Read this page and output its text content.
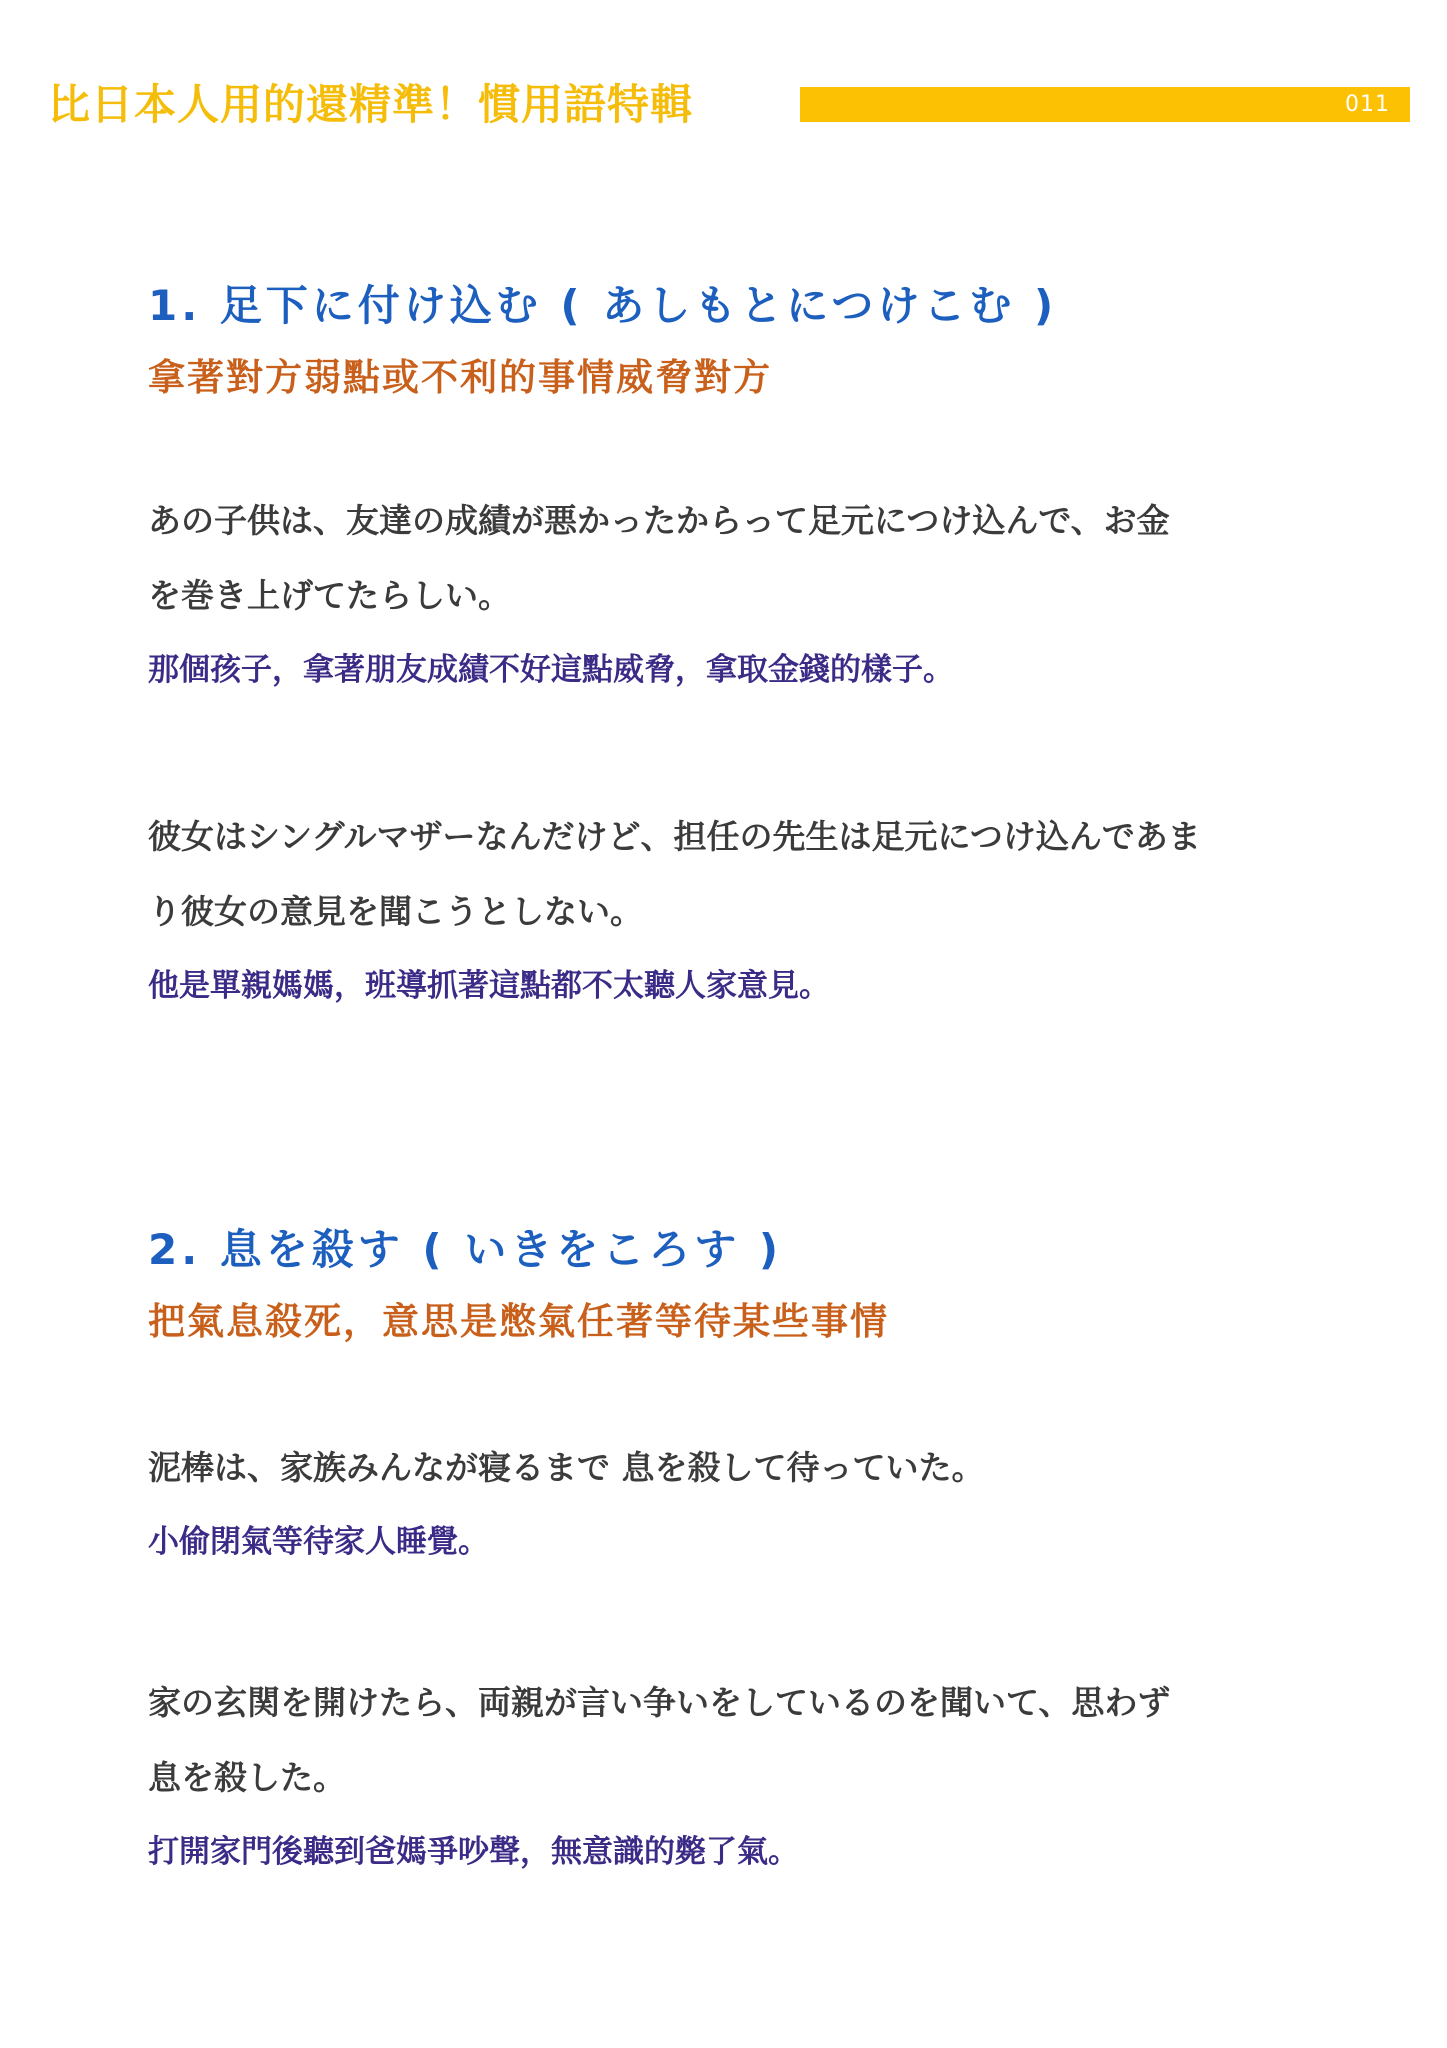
比日本人用的還精準！慣用語特輯	011
1. 足下に付け込む ( あしもとにつけこむ )
拿著對方弱點或不利的事情威脅對方
あの子供は、友達の成績が悪かったからって足元につけ込んで、お金
を巻き上げてたらしい。
那個孩子，拿著朋友成績不好這點威脅，拿取金錢的樣子。
彼女はシングルマザーなんだけど、担任の先生は足元につけ込んであま
り彼女の意見を聞こうとしない。
他是單親媽媽，班導抓著這點都不太聽人家意見。
2. 息を殺す ( いきをころす )
把氣息殺死，意思是憋氣任著等待某些事情
泥棒は、家族みんなが寝るまで 息を殺して待っていた。
小偷閉氣等待家人睡覺。
家の玄関を開けたら、両親が言い争いをしているのを聞いて、思わず
息を殺した。
打開家門後聽到爸媽爭吵聲，無意識的斃了氣。
